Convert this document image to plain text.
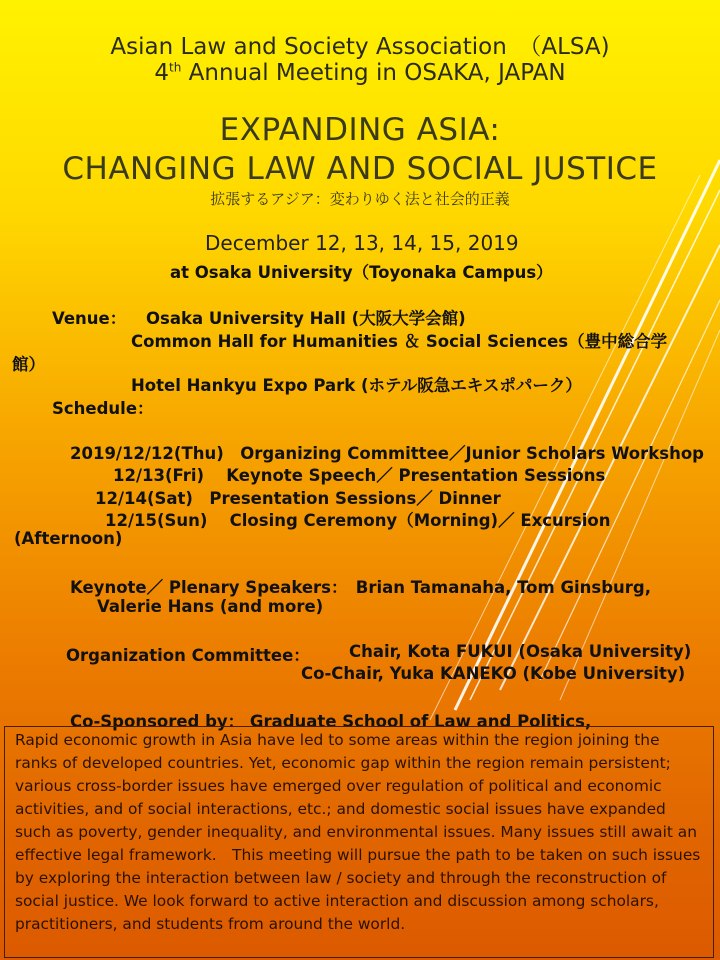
Asian Law and Society Association　（ALSA)
4th Annual Meeting in OSAKA, JAPAN
EXPANDING ASIA:
CHANGING LAW AND SOCIAL JUSTICE
拡張するアジア：変わりゆく法と社会的正義
December 12, 13, 14, 15, 2019
at Osaka University（Toyonaka Campus）
Venue： Osaka University Hall (大阪大学会館)
Common Hall for Humanities ＆ Social Sciences（豊中総合学
館）
Hotel Hankyu Expo Park (ホテル阪急エキスポパーク）
Schedule：
2019/12/12(Thu)　Organizing Committee／Junior Scholars Workshop
12/13(Fri)　 Keynote Speech／ Presentation Sessions
12/14(Sat)　Presentation Sessions／ Dinner
12/15(Sun)　 Closing Ceremony（Morning)／ Excursion
(Afternoon)
Keynote／ Plenary Speakers：　Brian Tamanaha, Tom Ginsburg,
Valerie Hans (and more)
Organization Committee： Chair, Kota FUKUI (Osaka University)
Co-Chair, Yuka KANEKO (Kobe University)
Co-Sponsored by： Graduate School of Law and Politics,
Rapid economic growth in Asia have led to some areas within the region joining the ranks of developed countries. Yet, economic gap within the region remain persistent; various cross-border issues have emerged over regulation of political and economic activities, and of social interactions, etc.; and domestic social issues have expanded such as poverty, gender inequality, and environmental issues. Many issues still await an effective legal framework.　This meeting will pursue the path to be taken on such issues by exploring the interaction between law / society and through the reconstruction of social justice. We look forward to active interaction and discussion among scholars, practitioners, and students from around the world.
